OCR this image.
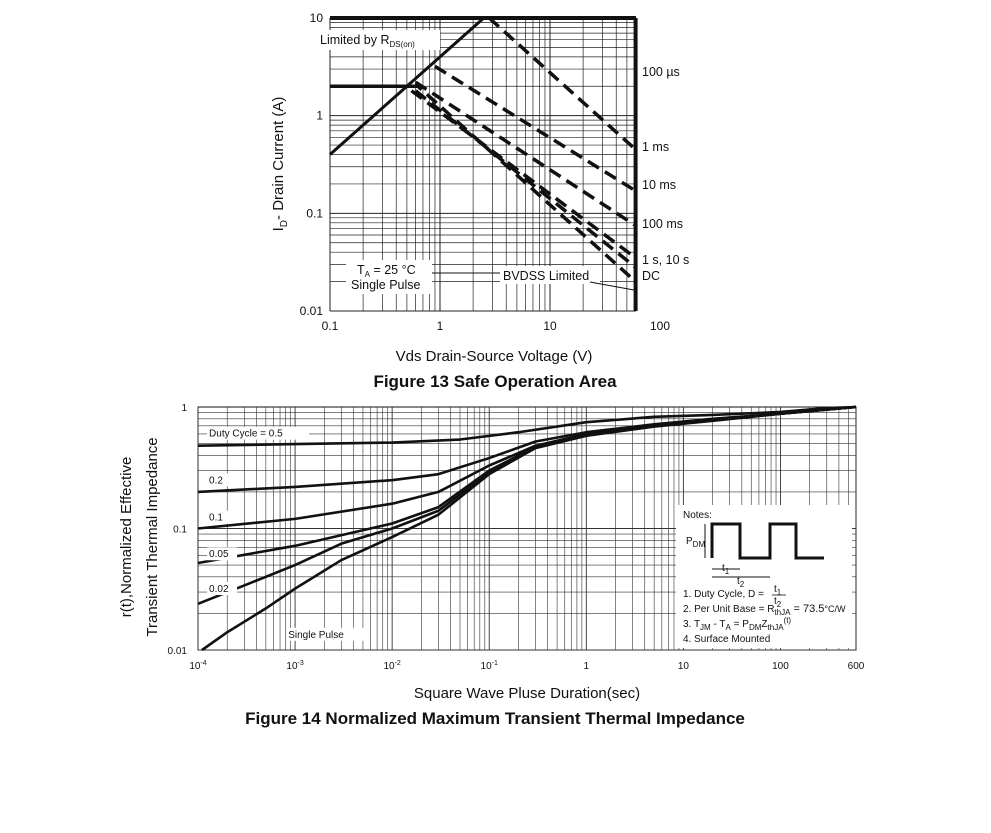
0.1	1	10	100
10
1
0.1
0.01
Limited by $R_{DS(on)}$
$T_A = 25$ °C
Single Pulse
BVDSS Limited
100 µs
1 ms
10 ms
100 ms
1 s, 10 s
DC
Vds Drain-Source Voltage (V)
$I_D-$ Drain Current (A)
Figure 13 Safe Operation Area
Duty Cycle = 0.5
0.2
0.1
0.05
0.02
Single Pulse
$10^{-4}$	$10^{-3}$	$10^{-2}$	$10^{-1}$	1	10	100	600
1
0.1
0.01
Notes:
$P_{DM}$
$t_1$
$t_2$
1. Duty Cycle, $D = t_1$
$t_2$
2. Per Unit Base = $R_{thJA} = 73.5^\circ C/W$
3. $T_{JM} - T_A = P_{DM}Z_{thJA}^{(t)}$
4. Surface Mounted
Square Wave Pluse Duration(sec)
r(t),Normalized Effective Transient Thermal Impedance
Figure 14 Normalized Maximum Transient Thermal Impedance
